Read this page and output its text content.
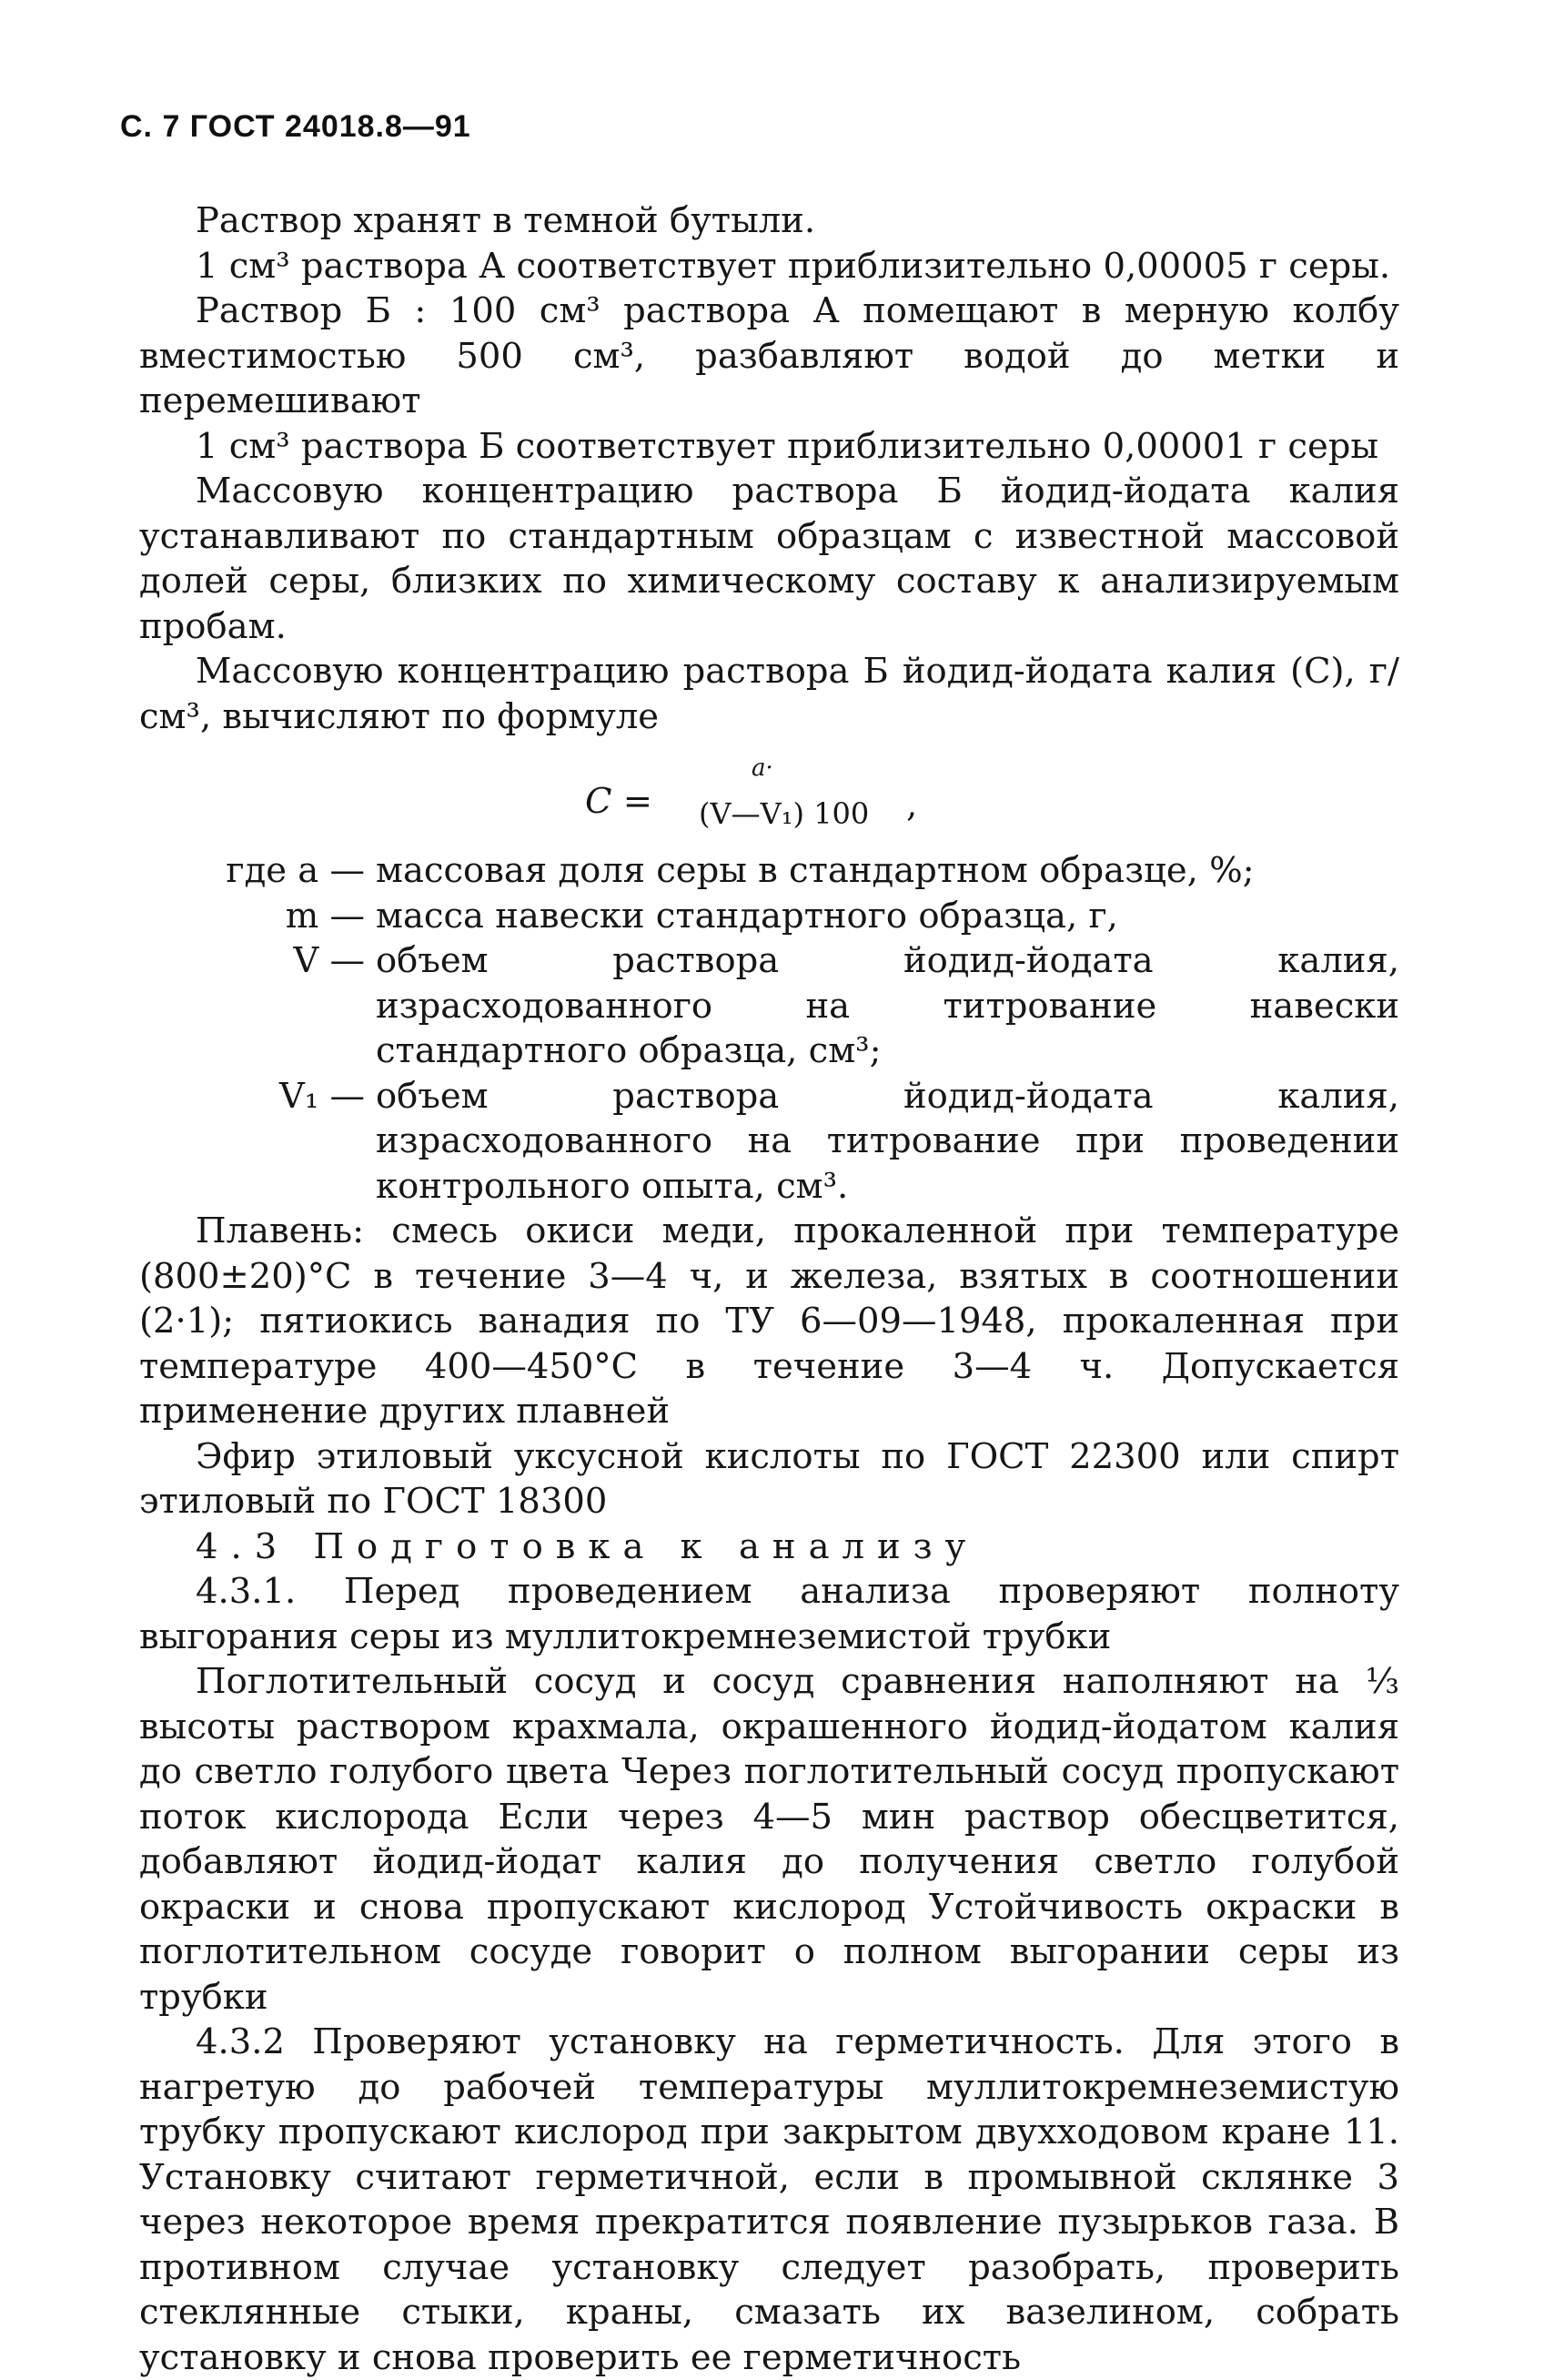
С. 7 ГОСТ 24018.8—91

Раствор хранят в темной бутыли.

1 см³ раствора А соответствует приблизительно 0,00005 г серы.

Раствор Б : 100 см³ раствора А помещают в мерную колбу вместимостью 500 см³, разбавляют водой до метки и перемешивают

1 см³ раствора Б соответствует приблизительно 0,00001 г серы

Массовую концентрацию раствора Б йодид-йодата калия устанавливают по стандартным образцам с известной массовой долей серы, близких по химическому составу к анализируемым пробам.

Массовую концентрацию раствора Б йодид-йодата калия (С), г/см³, вычисляют по формуле

C =
a·
(V—V₁) 100 ,
где a — массовая доля серы в стандартном образце, %;
m — масса навески стандартного образца, г,
V — объем раствора йодид-йодата калия, израсходованного на титрование навески стандартного образца, см³;
V₁ — объем раствора йодид-йодата калия, израсходованного на титрование при проведении контрольного опыта, см³.

Плавень: смесь окиси меди, прокаленной при температуре (800±20)°С в течение 3—4 ч, и железа, взятых в соотношении (2·1); пятиокись ванадия по ТУ 6—09—1948, прокаленная при температуре 400—450°С в течение 3—4 ч. Допускается применение других плавней

Эфир этиловый уксусной кислоты по ГОСТ 22300 или спирт этиловый по ГОСТ 18300

4.3 Подготовка к анализу

4.3.1. Перед проведением анализа проверяют полноту выгорания серы из муллитокремнеземистой трубки

Поглотительный сосуд и сосуд сравнения наполняют на ⅓ высоты раствором крахмала, окрашенного йодид-йодатом калия до светло голубого цвета Через поглотительный сосуд пропускают поток кислорода Если через 4—5 мин раствор обесцветится, добавляют йодид-йодат калия до получения светло голубой окраски и снова пропускают кислород Устойчивость окраски в поглотительном сосуде говорит о полном выгорании серы из трубки

4.3.2 Проверяют установку на герметичность. Для этого в нагретую до рабочей температуры муллитокремнеземистую трубку пропускают кислород при закрытом двухходовом кране 11. Установку считают герметичной, если в промывной склянке 3 через некоторое время прекратится появление пузырьков газа. В противном случае установку следует разобрать, проверить стеклянные стыки, краны, смазать их вазелином, собрать установку и снова проверить ее герметичность
